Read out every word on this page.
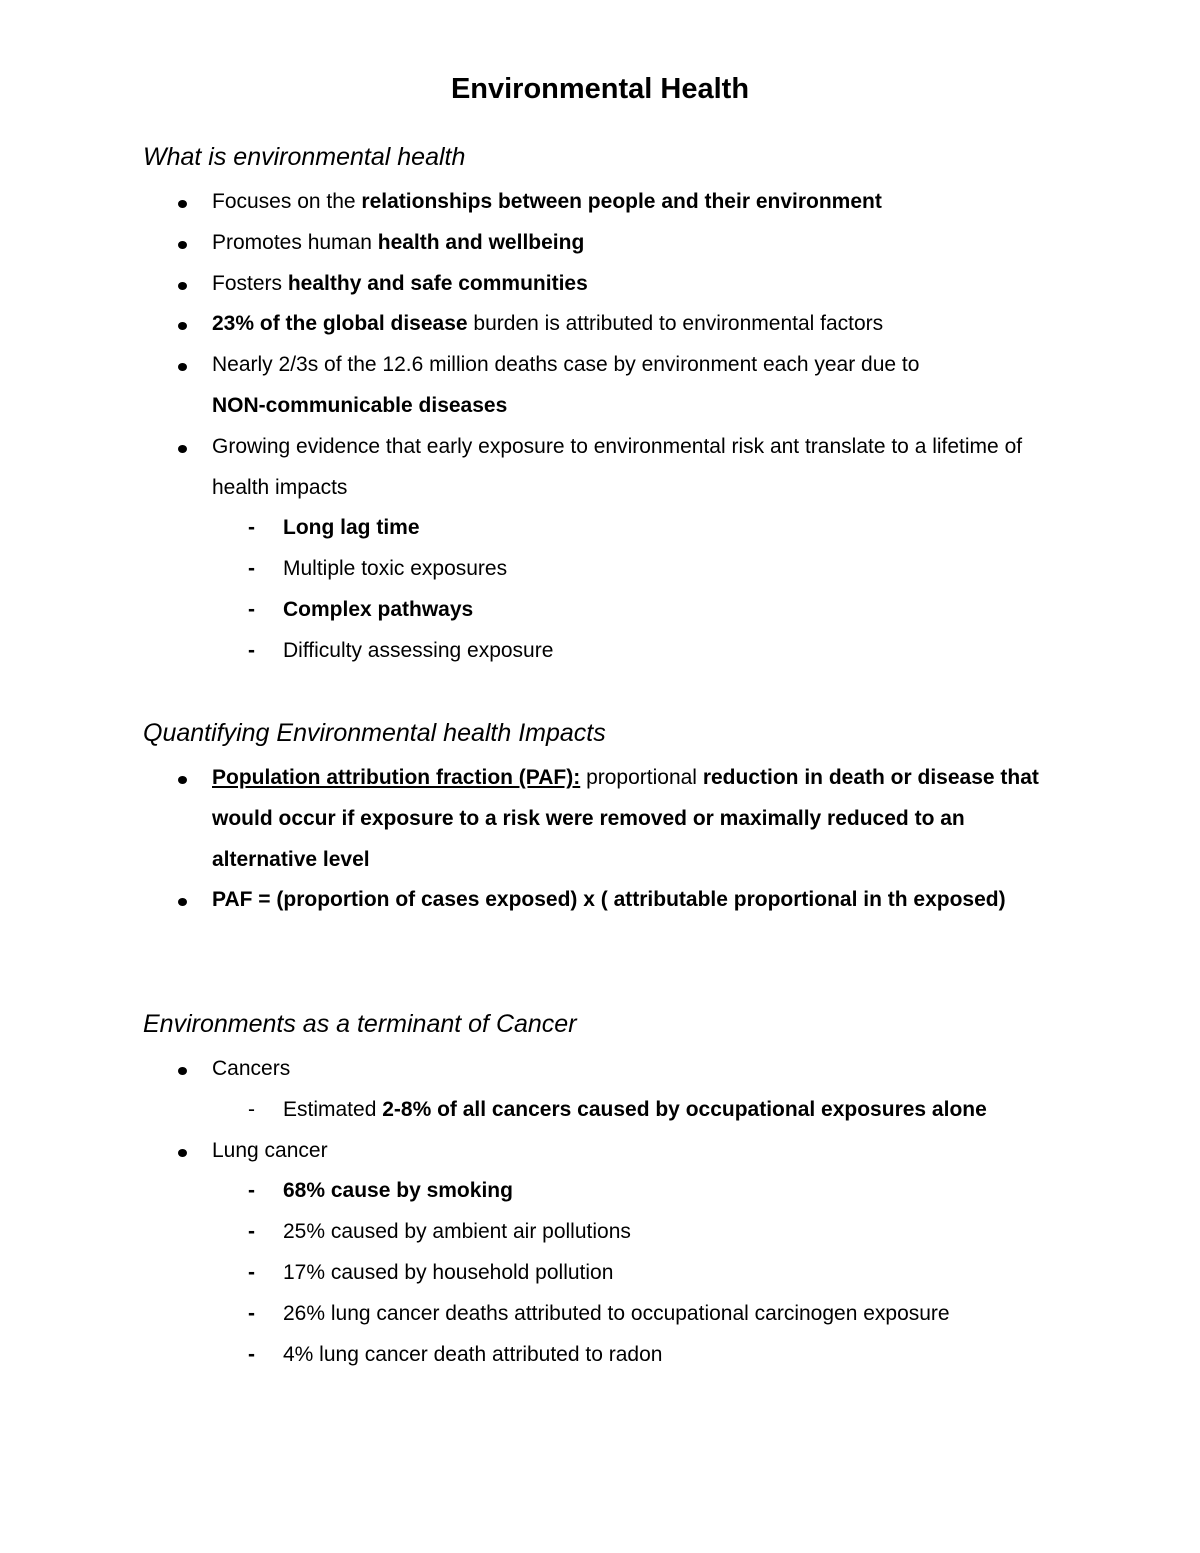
Environmental Health
What is environmental health
Focuses on the relationships between people and their environment
Promotes human health and wellbeing
Fosters healthy and safe communities
23% of the global disease burden is attributed to environmental factors
Nearly 2/3s of the 12.6 million deaths case by environment each year due to
NON-communicable diseases
Growing evidence that early exposure to environmental risk ant translate to a lifetime of health impacts
- Long lag time
- Multiple toxic exposures
- Complex pathways
- Difficulty assessing exposure
Quantifying Environmental health Impacts
Population attribution fraction (PAF): proportional reduction in death or disease that would occur if exposure to a risk were removed or maximally reduced to an alternative level
PAF = (proportion of cases exposed) x ( attributable proportional in th exposed)
Environments as a terminant of Cancer
Cancers
- Estimated 2-8% of all cancers caused by occupational exposures alone
Lung cancer
- 68% cause by smoking
- 25% caused by ambient air pollutions
- 17% caused by household pollution
- 26% lung cancer deaths attributed to occupational carcinogen exposure
- 4% lung cancer death attributed to radon
